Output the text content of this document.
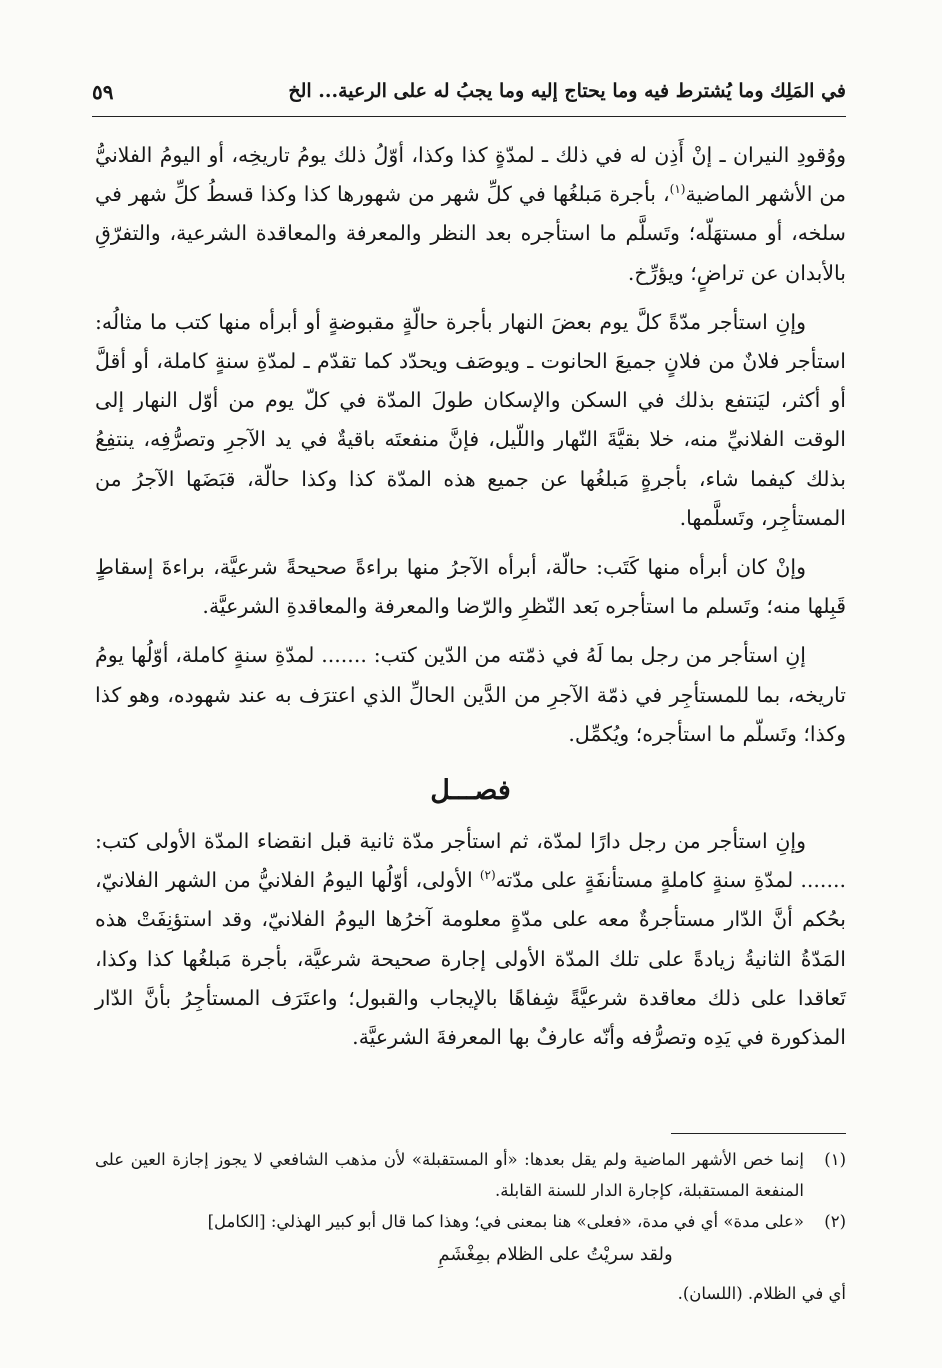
في المَلِك وما يُشترط فيه وما يحتاج إليه وما يجبُ له على الرعية... الخ
٥٩

ووُقودِ النيران ـ إنْ أَذِن له في ذلك ـ لمدّةٍ كذا وكذا، أوّلُ ذلك يومُ تاريخِه، أو اليومُ الفلانيُّ من الأشهر الماضية$^{(١)}$، بأجرة مَبلغُها في كلِّ شهر من شهورها كذا وكذا قسطُ كلِّ شهر في سلخه، أو مستهَلّه؛ وتَسلَّم ما استأجره بعد النظر والمعرفة والمعاقدة الشرعية، والتفرّقِ بالأبدان عن تراضٍ؛ ويؤرِّخ.

وإنِ استأجر مدّةً كلَّ يوم بعضَ النهار بأجرة حالّةٍ مقبوضةٍ أو أبرأه منها كتب ما مثالُه: استأجر فلانٌ من فلانٍ جميعَ الحانوت ـ ويوصَف ويحدّد كما تقدّم ـ لمدّةِ سنةٍ كاملة، أو أقلَّ أو أكثر، ليَنتفع بذلك في السكن والإسكان طولَ المدّة في كلّ يوم من أوّل النهار إلى الوقت الفلانيِّ منه، خلا بقيَّةَ النّهار واللّيل، فإنَّ منفعتَه باقيةٌ في يد الآجرِ وتصرُّفِه، ينتفِعُ بذلك كيفما شاء، بأجرةٍ مَبلغُها عن جميع هذه المدّة كذا وكذا حالّة، قبَضَها الآجرُ من المستأجِر، وتَسلَّمها.

وإنْ كان أبرأه منها كَتَب: حالّة، أبرأه الآجرُ منها براءةً صحيحةً شرعيَّة، براءةَ إسقاطٍ قَبِلها منه؛ وتَسلم ما استأجره بَعد النّظرِ والرّضا والمعرفة والمعاقدةِ الشرعيَّة.

إنِ استأجر من رجل بما لَهُ في ذمّته من الدّين كتب: ....... لمدّةِ سنةٍ كاملة، أوّلُها يومُ تاريخه، بما للمستأجِر في ذمّة الآجرِ من الدَّين الحالِّ الذي اعترَف به عند شهوده، وهو كذا وكذا؛ وتَسلّم ما استأجره؛ ويُكمِّل.

فصـــل

وإنِ استأجر من رجل دارًا لمدّة، ثم استأجر مدّة ثانية قبل انقضاء المدّة الأولى كتب: ....... لمدّةِ سنةٍ كاملةٍ مستأنفَةٍ على مدّته$^{(٢)}$ الأولى، أوّلُها اليومُ الفلانيُّ من الشهر الفلانيّ، بحُكم أنَّ الدّار مستأجرةٌ معه على مدّةٍ معلومة آخرُها اليومُ الفلانيّ، وقد استؤنِفَتْ هذه المَدّةُ الثانيةُ زيادةً على تلك المدّة الأولى إجارة صحيحة شرعيَّة، بأجرة مَبلغُها كذا وكذا، تَعاقدا على ذلك معاقدة شرعيَّةً شِفاهًا بالإيجاب والقبول؛ واعتَرَف المستأجِرُ بأنَّ الدّار المذكورة في يَدِه وتصرُّفه وأنّه عارفٌ بها المعرفةَ الشرعيَّة.

(١)
إنما خص الأشهر الماضية ولم يقل بعدها: «أو المستقبلة» لأن مذهب الشافعي لا يجوز إجازة العين على المنفعة المستقبلة، كإجارة الدار للسنة القابلة.
(٢)
«على مدة» أي في مدة، «فعلى» هنا بمعنى في؛ وهذا كما قال أبو كبير الهذلي: [الكامل]
ولقد سريْتُ على الظلام بمِغْشَمِ
أي في الظلام. (اللسان).
